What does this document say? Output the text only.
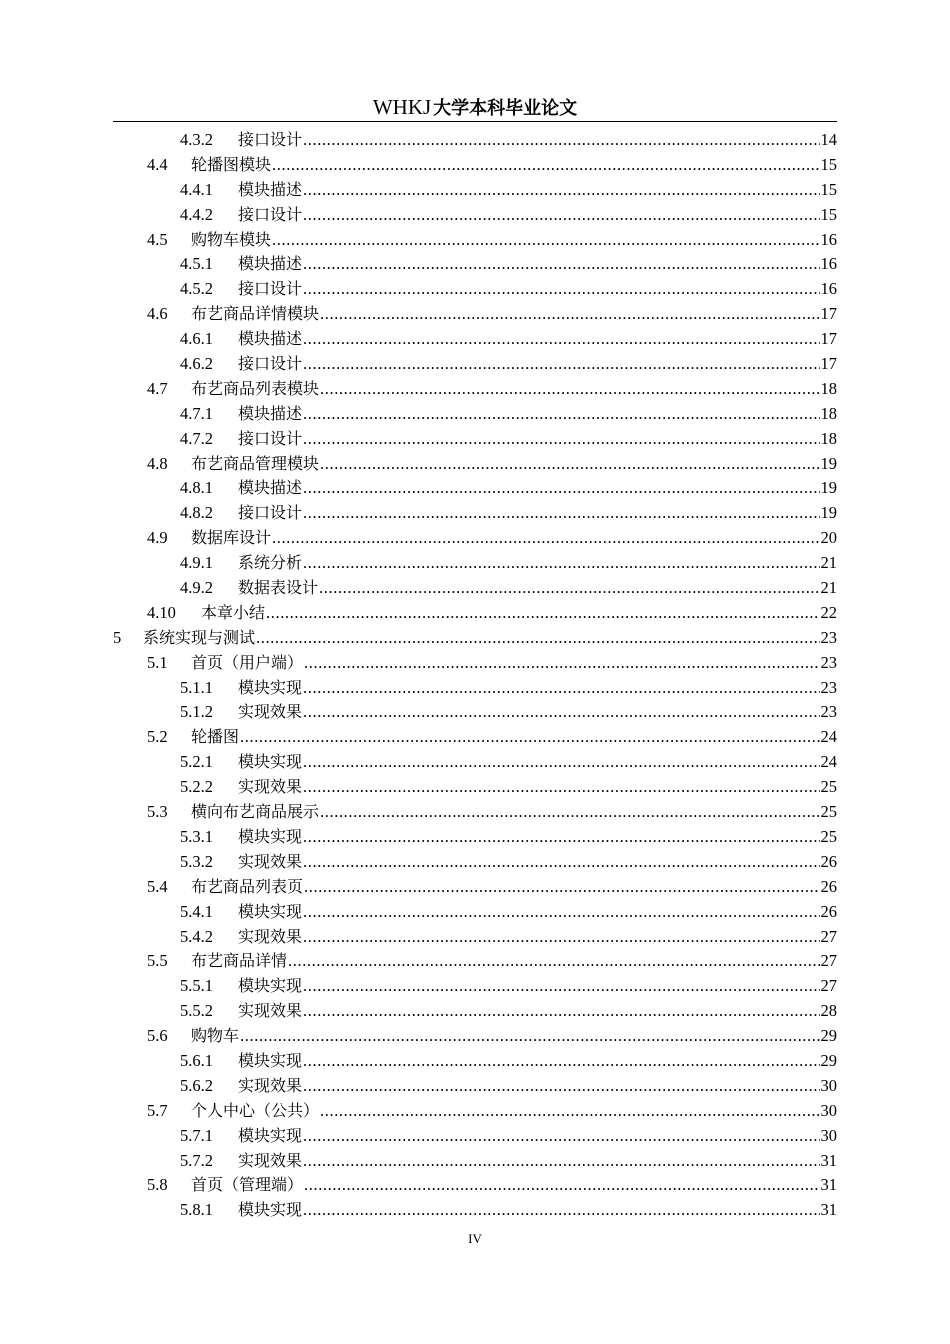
WHKJ 大学本科毕业论文
4.3.2	接口设计 .....	14
4.4	轮播图模块 .....	15
4.4.1	模块描述 .....	15
4.4.2	接口设计 .....	15
4.5	购物车模块 .....	16
4.5.1	模块描述 .....	16
4.5.2	接口设计 .....	16
4.6	布艺商品详情模块 .....	17
4.6.1	模块描述 .....	17
4.6.2	接口设计 .....	17
4.7	布艺商品列表模块 .....	18
4.7.1	模块描述 .....	18
4.7.2	接口设计 .....	18
4.8	布艺商品管理模块 .....	19
4.8.1	模块描述 .....	19
4.8.2	接口设计 .....	19
4.9	数据库设计 .....	20
4.9.1	系统分析 .....	21
4.9.2	数据表设计 .....	21
4.10	本章小结 .....	22
5	系统实现与测试 .....	23
5.1	首页（用户端） .....	23
5.1.1	模块实现 .....	23
5.1.2	实现效果 .....	23
5.2	轮播图 .....	24
5.2.1	模块实现 .....	24
5.2.2	实现效果 .....	25
5.3	横向布艺商品展示 .....	25
5.3.1	模块实现 .....	25
5.3.2	实现效果 .....	26
5.4	布艺商品列表页 .....	26
5.4.1	模块实现 .....	26
5.4.2	实现效果 .....	27
5.5	布艺商品详情 .....	27
5.5.1	模块实现 .....	27
5.5.2	实现效果 .....	28
5.6	购物车 .....	29
5.6.1	模块实现 .....	29
5.6.2	实现效果 .....	30
5.7	个人中心（公共） .....	30
5.7.1	模块实现 .....	30
5.7.2	实现效果 .....	31
5.8	首页（管理端） .....	31
5.8.1	模块实现 .....	31
IV
